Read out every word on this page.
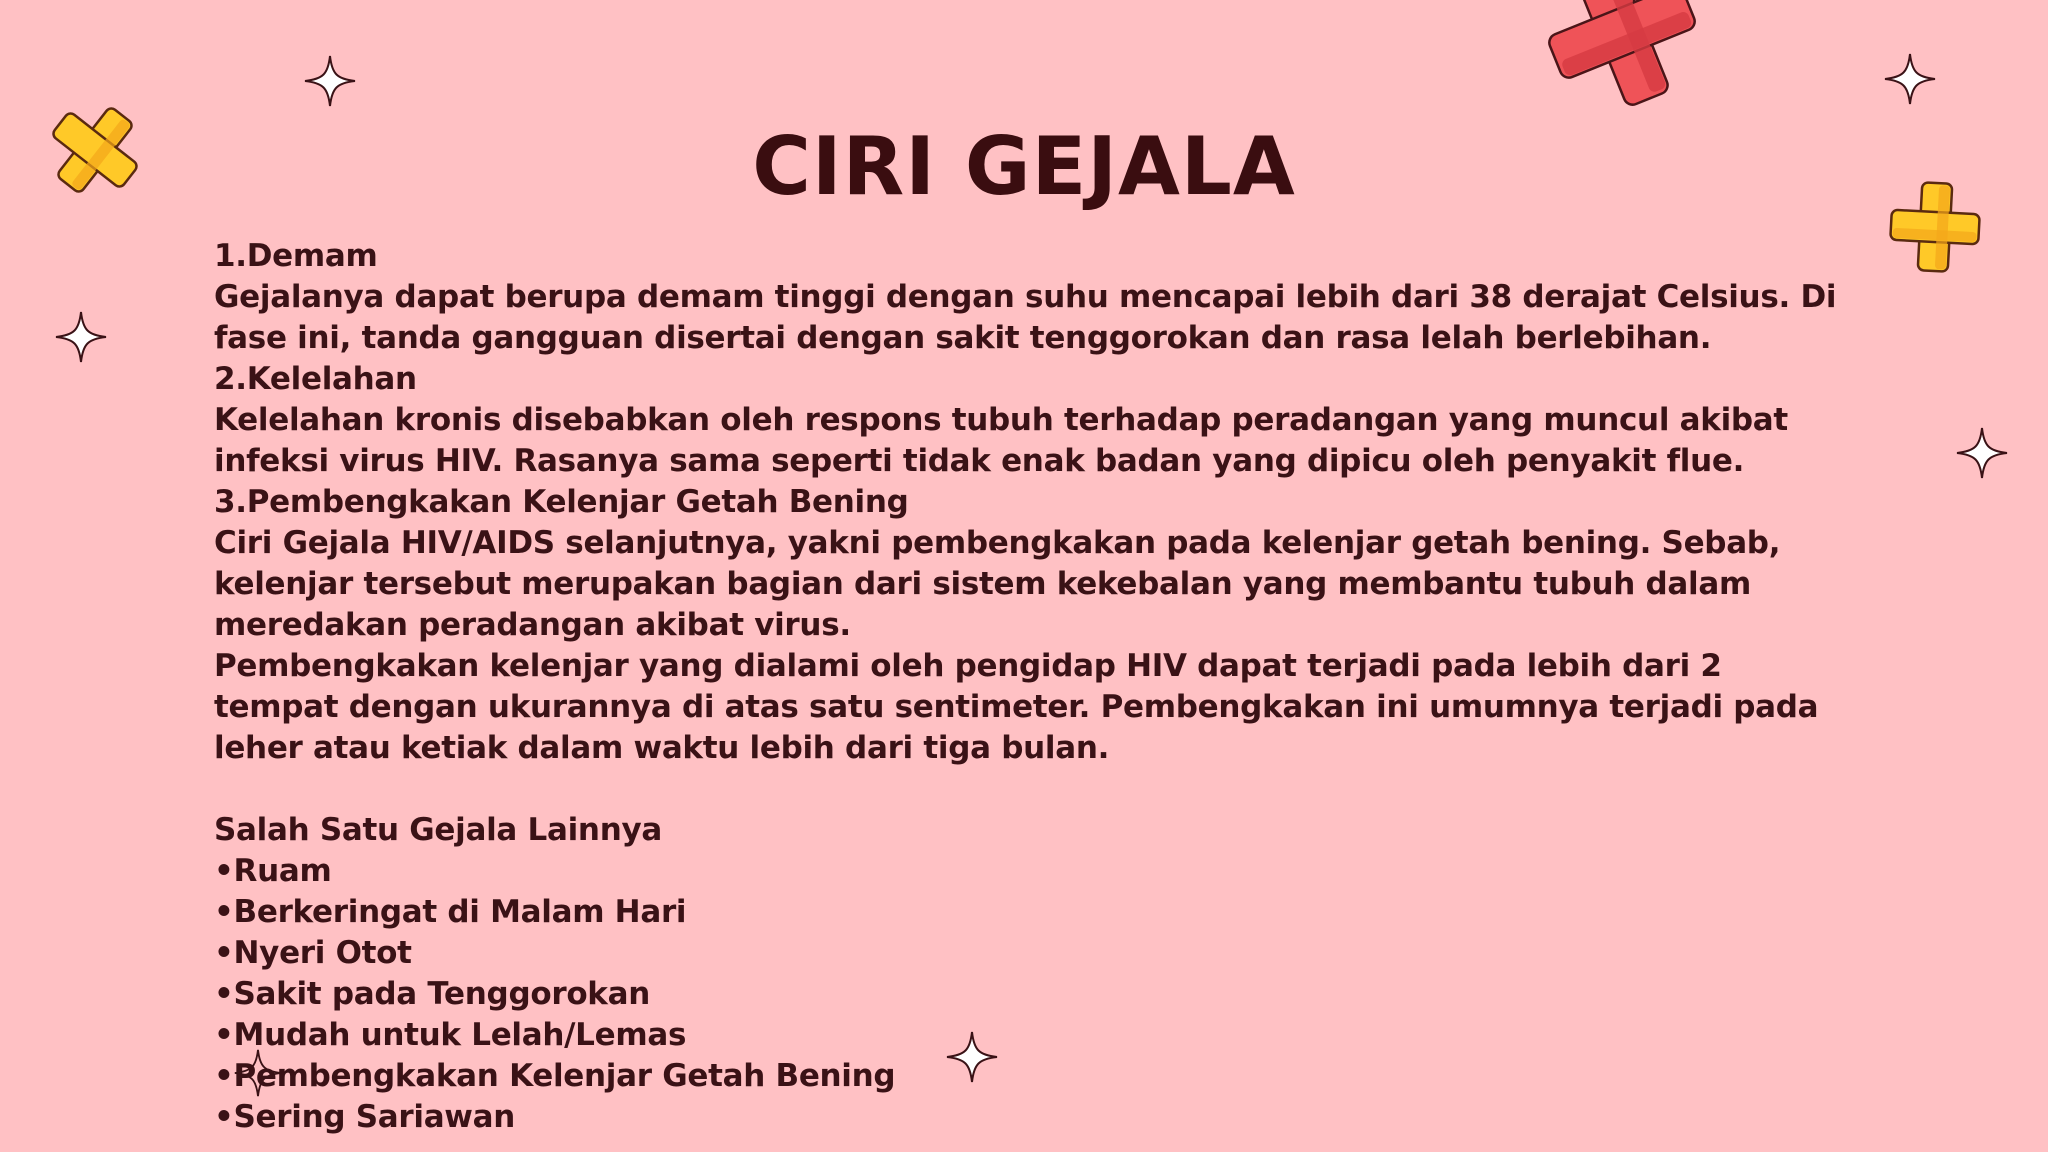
CIRI GEJALA
1.Demam
Gejalanya dapat berupa demam tinggi dengan suhu mencapai lebih dari 38 derajat Celsius. Di
fase ini, tanda gangguan disertai dengan sakit tenggorokan dan rasa lelah berlebihan.
2.Kelelahan
Kelelahan kronis disebabkan oleh respons tubuh terhadap peradangan yang muncul akibat
infeksi virus HIV. Rasanya sama seperti tidak enak badan yang dipicu oleh penyakit flue.
3.Pembengkakan Kelenjar Getah Bening
Ciri Gejala HIV/AIDS selanjutnya, yakni pembengkakan pada kelenjar getah bening. Sebab,
kelenjar tersebut merupakan bagian dari sistem kekebalan yang membantu tubuh dalam
meredakan peradangan akibat virus.
Pembengkakan kelenjar yang dialami oleh pengidap HIV dapat terjadi pada lebih dari 2
tempat dengan ukurannya di atas satu sentimeter. Pembengkakan ini umumnya terjadi pada
leher atau ketiak dalam waktu lebih dari tiga bulan.
Salah Satu Gejala Lainnya
•Ruam
•Berkeringat di Malam Hari
•Nyeri Otot
•Sakit pada Tenggorokan
•Mudah untuk Lelah/Lemas
•Pembengkakan Kelenjar Getah Bening
•Sering Sariawan
